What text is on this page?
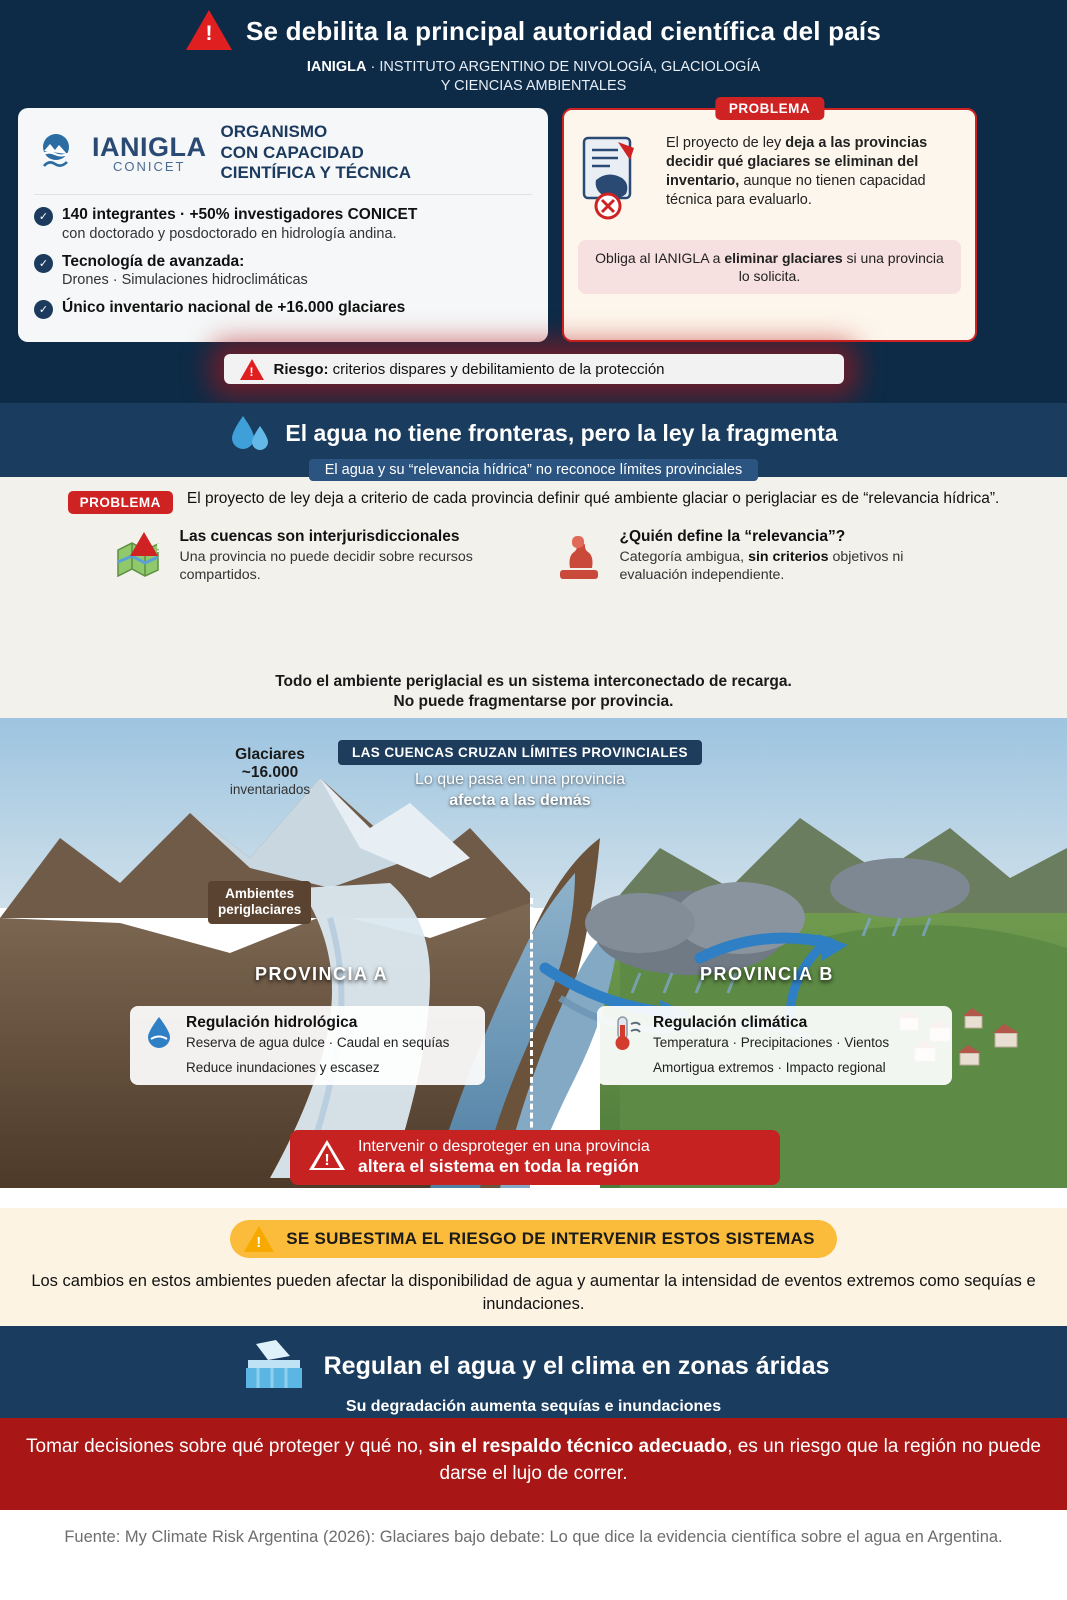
!
Se debilita la principal autoridad científica del país
IANIGLA · INSTITUTO ARGENTINO DE NIVOLOGÍA, GLACIOLOGÍA
Y CIENCIAS AMBIENTALES
IANIGLA
CONICET
ORGANISMO
CON CAPACIDAD
CIENTÍFICA Y TÉCNICA
✓ 140 integrantes · +50% investigadores CONICET
con doctorado y posdoctorado en hidrología andina.
✓ Tecnología de avanzada:
Drones · Simulaciones hidroclimáticas
✓ Único inventario nacional de +16.000 glaciares
PROBLEMA
El proyecto de ley deja a las provincias decidir qué glaciares se eliminan del inventario, aunque no tienen capacidad técnica para evaluarlo.
Obliga al IANIGLA a eliminar glaciares si una provincia lo solicita.
!
Riesgo: criterios dispares y debilitamiento de la protección
El agua no tiene fronteras, pero la ley la fragmenta
El agua y su “relevancia hídrica” no reconoce límites provinciales
PROBLEMA	El proyecto de ley deja a criterio de cada provincia definir qué ambiente glaciar o periglaciar es de “relevancia hídrica”.
!
Las cuencas son interjurisdiccionales
Una provincia no puede decidir sobre recursos compartidos.
¿Quién define la “relevancia”?
Categoría ambigua, sin criterios objetivos ni evaluación independiente.
Todo el ambiente periglacial es un sistema interconectado de recarga.
No puede fragmentarse por provincia.
Glaciares
~16.000
inventariados
LAS CUENCAS CRUZAN LÍMITES PROVINCIALES
Lo que pasa en una provincia
afecta a las demás
Ambientes
periglaciares
PROVINCIA A	PROVINCIA B
Regulación hidrológica

Reserva de agua dulce · Caudal en sequías

Reduce inundaciones y escasez

Regulación climática

Temperatura · Precipitaciones · Vientos

Amortigua extremos · Impacto regional

!
Intervenir o desproteger en una provincia
altera el sistema en toda la región
!
SE SUBESTIMA EL RIESGO DE INTERVENIR ESTOS SISTEMAS

Los cambios en estos ambientes pueden afectar la disponibilidad de agua y aumentar la intensidad de eventos extremos como sequías e inundaciones.

Regulan el agua y el clima en zonas áridas
Su degradación aumenta sequías e inundaciones
Tomar decisiones sobre qué proteger y qué no, sin el respaldo técnico adecuado, es un riesgo que la región no puede darse el lujo de correr.
Fuente: My Climate Risk Argentina (2026): Glaciares bajo debate: Lo que dice la evidencia científica sobre el agua en Argentina.
